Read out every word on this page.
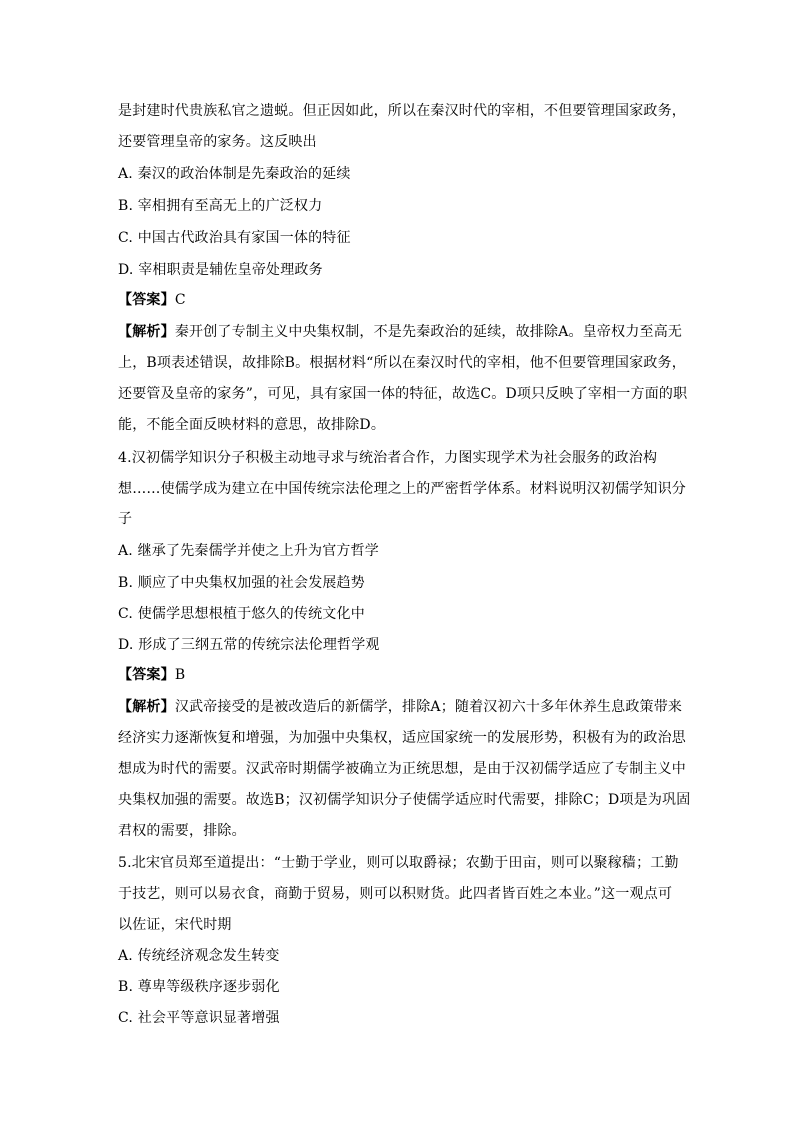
是封建时代贵族私官之遗蜕。但正因如此，所以在秦汉时代的宰相，不但要管理国家政务，
还要管理皇帝的家务。这反映出
A. 秦汉的政治体制是先秦政治的延续
B. 宰相拥有至高无上的广泛权力
C. 中国古代政治具有家国一体的特征
D. 宰相职责是辅佐皇帝处理政务
【答案】C
【解析】秦开创了专制主义中央集权制，不是先秦政治的延续，故排除A。皇帝权力至高无
上，B项表述错误，故排除B。根据材料“所以在秦汉时代的宰相，他不但要管理国家政务，
还要管及皇帝的家务”，可见，具有家国一体的特征，故选C。D项只反映了宰相一方面的职
能，不能全面反映材料的意思，故排除D。
4.汉初儒学知识分子积极主动地寻求与统治者合作，力图实现学术为社会服务的政治构
想……使儒学成为建立在中国传统宗法伦理之上的严密哲学体系。材料说明汉初儒学知识分
子
A. 继承了先秦儒学并使之上升为官方哲学
B. 顺应了中央集权加强的社会发展趋势
C. 使儒学思想根植于悠久的传统文化中
D. 形成了三纲五常的传统宗法伦理哲学观
【答案】B
【解析】汉武帝接受的是被改造后的新儒学，排除A；随着汉初六十多年休养生息政策带来
经济实力逐渐恢复和增强，为加强中央集权，适应国家统一的发展形势，积极有为的政治思
想成为时代的需要。汉武帝时期儒学被确立为正统思想，是由于汉初儒学适应了专制主义中
央集权加强的需要。故选B；汉初儒学知识分子使儒学适应时代需要，排除C；D项是为巩固
君权的需要，排除。
5.北宋官员郑至道提出：“士勤于学业，则可以取爵禄；农勤于田亩，则可以聚稼穑；工勤
于技艺，则可以易衣食，商勤于贸易，则可以积财货。此四者皆百姓之本业。”这一观点可
以佐证，宋代时期
A. 传统经济观念发生转变
B. 尊卑等级秩序逐步弱化
C. 社会平等意识显著增强
